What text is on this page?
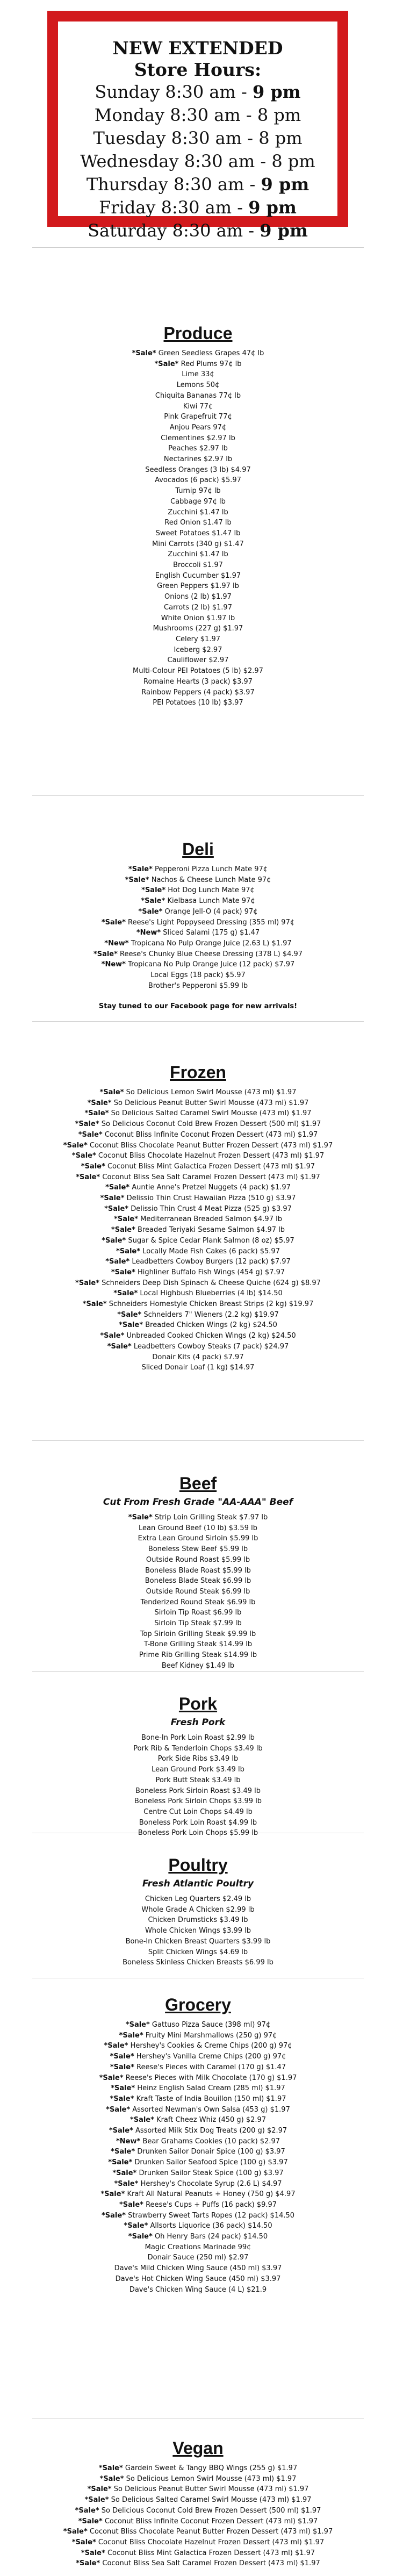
NEW EXTENDED

Store Hours:

Sunday 8:30 am - 9 pm

Monday 8:30 am - 8 pm

Tuesday 8:30 am - 8 pm

Wednesday 8:30 am - 8 pm

Thursday 8:30 am - 9 pm

Friday 8:30 am - 9 pm

Saturday 8:30 am - 9 pm

Produce
*Sale* Green Seedless Grapes 47¢ lb
*Sale* Red Plums 97¢ lb
Lime 33¢
Lemons 50¢
Chiquita Bananas 77¢ lb
Kiwi 77¢
Pink Grapefruit 77¢
Anjou Pears 97¢
Clementines $2.97 lb
Peaches $2.97 lb
Nectarines $2.97 lb
Seedless Oranges (3 lb) $4.97
Avocados (6 pack) $5.97
Turnip 97¢ lb
Cabbage 97¢ lb
Zucchini $1.47 lb
Red Onion $1.47 lb
Sweet Potatoes $1.47 lb
Mini Carrots (340 g) $1.47
Zucchini $1.47 lb
Broccoli $1.97
English Cucumber $1.97
Green Peppers $1.97 lb
Onions (2 lb) $1.97
Carrots (2 lb) $1.97
White Onion $1.97 lb
Mushrooms (227 g) $1.97
Celery $1.97
Iceberg $2.97
Cauliflower $2.97
Multi-Colour PEI Potatoes (5 lb) $2.97
Romaine Hearts (3 pack) $3.97
Rainbow Peppers (4 pack) $3.97
PEI Potatoes (10 lb) $3.97
Deli
*Sale* Pepperoni Pizza Lunch Mate 97¢
*Sale* Nachos & Cheese Lunch Mate 97¢
*Sale* Hot Dog Lunch Mate 97¢
*Sale* Kielbasa Lunch Mate 97¢
*Sale* Orange Jell-O (4 pack) 97¢
*Sale* Reese's Light Poppyseed Dressing (355 ml) 97¢
*New* Sliced Salami (175 g) $1.47
*New* Tropicana No Pulp Orange Juice (2.63 L) $1.97
*Sale* Reese's Chunky Blue Cheese Dressing (378 L) $4.97
*New* Tropicana No Pulp Orange Juice (12 pack) $7.97
Local Eggs (18 pack) $5.97
Brother's Pepperoni $5.99 lb
Stay tuned to our Facebook page for new arrivals!
Frozen
*Sale* So Delicious Lemon Swirl Mousse (473 ml) $1.97
*Sale* So Delicious Peanut Butter Swirl Mousse (473 ml) $1.97
*Sale* So Delicious Salted Caramel Swirl Mousse (473 ml) $1.97
*Sale* So Delicious Coconut Cold Brew Frozen Dessert (500 ml) $1.97
*Sale* Coconut Bliss Infinite Coconut Frozen Dessert (473 ml) $1.97
*Sale* Coconut Bliss Chocolate Peanut Butter Frozen Dessert (473 ml) $1.97
*Sale* Coconut Bliss Chocolate Hazelnut Frozen Dessert (473 ml) $1.97
*Sale* Coconut Bliss Mint Galactica Frozen Dessert (473 ml) $1.97
*Sale* Coconut Bliss Sea Salt Caramel Frozen Dessert (473 ml) $1.97
*Sale* Auntie Anne's Pretzel Nuggets (4 pack) $1.97
*Sale* Delissio Thin Crust Hawaiian Pizza (510 g) $3.97
*Sale* Delissio Thin Crust 4 Meat Pizza (525 g) $3.97
*Sale* Mediterranean Breaded Salmon $4.97 lb
*Sale* Breaded Teriyaki Sesame Salmon $4.97 lb
*Sale* Sugar & Spice Cedar Plank Salmon (8 oz) $5.97
*Sale* Locally Made Fish Cakes (6 pack) $5.97
*Sale* Leadbetters Cowboy Burgers (12 pack) $7.97
*Sale* Highliner Buffalo Fish Wings (454 g) $7.97
*Sale* Schneiders Deep Dish Spinach & Cheese Quiche (624 g) $8.97
*Sale* Local Highbush Blueberries (4 lb) $14.50
*Sale* Schneiders Homestyle Chicken Breast Strips (2 kg) $19.97
*Sale* Schneiders 7" Wieners (2.2 kg) $19.97
*Sale* Breaded Chicken Wings (2 kg) $24.50
*Sale* Unbreaded Cooked Chicken Wings (2 kg) $24.50
*Sale* Leadbetters Cowboy Steaks (7 pack) $24.97
Donair Kits (4 pack) $7.97
Sliced Donair Loaf (1 kg) $14.97
Beef
Cut From Fresh Grade "AA-AAA" Beef
*Sale* Strip Loin Grilling Steak $7.97 lb
Lean Ground Beef (10 lb) $3.59 lb
Extra Lean Ground Sirloin $5.99 lb
Boneless Stew Beef $5.99 lb
Outside Round Roast $5.99 lb
Boneless Blade Roast $5.99 lb
Boneless Blade Steak $6.99 lb
Outside Round Steak $6.99 lb
Tenderized Round Steak $6.99 lb
Sirloin Tip Roast $6.99 lb
Sirloin Tip Steak $7.99 lb
Top Sirloin Grilling Steak $9.99 lb
T-Bone Grilling Steak $14.99 lb
Prime Rib Grilling Steak $14.99 lb
Beef Kidney $1.49 lb
Pork
Fresh Pork
Bone-In Pork Loin Roast $2.99 lb
Pork Rib & Tenderloin Chops $3.49 lb
Pork Side Ribs $3.49 lb
Lean Ground Pork $3.49 lb
Pork Butt Steak $3.49 lb
Boneless Pork Sirloin Roast $3.49 lb
Boneless Pork Sirloin Chops $3.99 lb
Centre Cut Loin Chops $4.49 lb
Boneless Pork Loin Roast $4.99 lb
Boneless Pork Loin Chops $5.99 lb
Poultry
Fresh Atlantic Poultry
Chicken Leg Quarters $2.49 lb
Whole Grade A Chicken $2.99 lb
Chicken Drumsticks $3.49 lb
Whole Chicken Wings $3.99 lb
Bone-In Chicken Breast Quarters $3.99 lb
Split Chicken Wings $4.69 lb
Boneless Skinless Chicken Breasts $6.99 lb
Grocery
*Sale* Gattuso Pizza Sauce (398 ml) 97¢
*Sale* Fruity Mini Marshmallows (250 g) 97¢
*Sale* Hershey's Cookies & Creme Chips (200 g) 97¢
*Sale* Hershey's Vanilla Creme Chips (200 g) 97¢
*Sale* Reese's Pieces with Caramel (170 g) $1.47
*Sale* Reese's Pieces with Milk Chocolate (170 g) $1.97
*Sale* Heinz English Salad Cream (285 ml) $1.97
*Sale* Kraft Taste of India Bouillon (150 ml) $1.97
*Sale* Assorted Newman's Own Salsa (453 g) $1.97
*Sale* Kraft Cheez Whiz (450 g) $2.97
*Sale* Assorted Milk Stix Dog Treats (200 g) $2.97
*New* Bear Grahams Cookies (10 pack) $2.97
*Sale* Drunken Sailor Donair Spice (100 g) $3.97
*Sale* Drunken Sailor Seafood Spice (100 g) $3.97
*Sale* Drunken Sailor Steak Spice (100 g) $3.97
*Sale* Hershey's Chocolate Syrup (2.6 L) $4.97
*Sale* Kraft All Natural Peanuts + Honey (750 g) $4.97
*Sale* Reese's Cups + Puffs (16 pack) $9.97
*Sale* Strawberry Sweet Tarts Ropes (12 pack) $14.50
*Sale* Allsorts Liquorice (36 pack) $14.50
*Sale* Oh Henry Bars (24 pack) $14.50
Magic Creations Marinade 99¢
Donair Sauce (250 ml) $2.97
Dave's Mild Chicken Wing Sauce (450 ml) $3.97
Dave's Hot Chicken Wing Sauce (450 ml) $3.97
Dave's Chicken Wing Sauce (4 L) $21.9
Vegan
*Sale* Gardein Sweet & Tangy BBQ Wings (255 g) $1.97
*Sale* So Delicious Lemon Swirl Mousse (473 ml) $1.97
*Sale* So Delicious Peanut Butter Swirl Mousse (473 ml) $1.97
*Sale* So Delicious Salted Caramel Swirl Mousse (473 ml) $1.97
*Sale* So Delicious Coconut Cold Brew Frozen Dessert (500 ml) $1.97
*Sale* Coconut Bliss Infinite Coconut Frozen Dessert (473 ml) $1.97
*Sale* Coconut Bliss Chocolate Peanut Butter Frozen Dessert (473 ml) $1.97
*Sale* Coconut Bliss Chocolate Hazelnut Frozen Dessert (473 ml) $1.97
*Sale* Coconut Bliss Mint Galactica Frozen Dessert (473 ml) $1.97
*Sale* Coconut Bliss Sea Salt Caramel Frozen Dessert (473 ml) $1.97
